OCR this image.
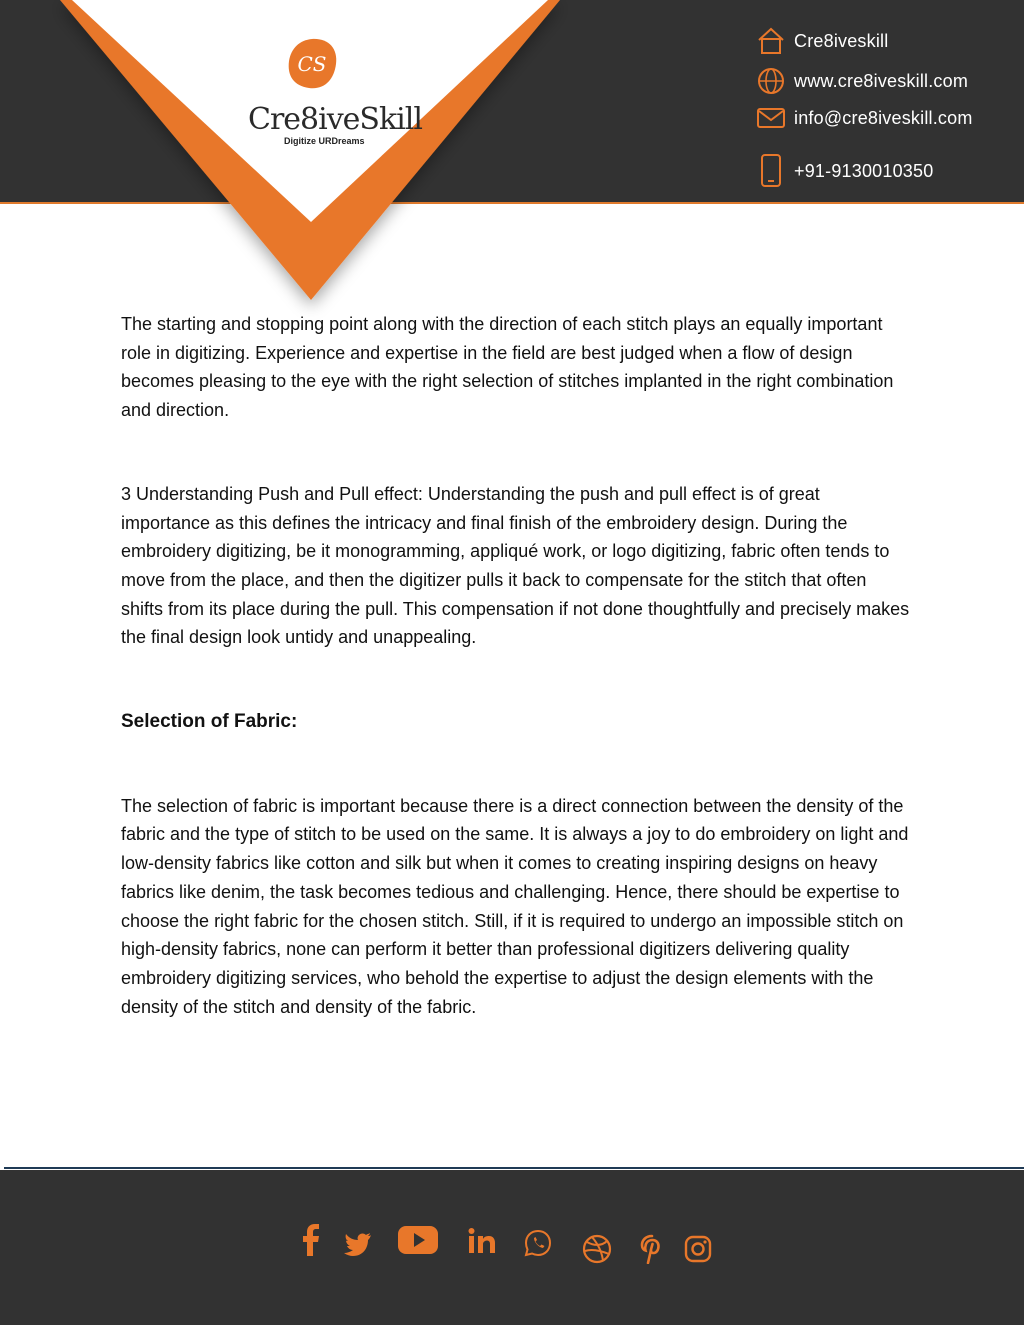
CS
Cre8iveSkill
Digitize URDreams
Cre8iveskill
www.cre8iveskill.com
info@cre8iveskill.com
+91-9130010350

The starting and stopping point along with the direction of each stitch plays an equally important role in digitizing. Experience and expertise in the field are best judged when a flow of design becomes pleasing to the eye with the right selection of stitches implanted in the right combination and direction.

3 Understanding Push and Pull effect: Understanding the push and pull effect is of great importance as this defines the intricacy and final finish of the embroidery design. During the embroidery digitizing, be it monogramming, appliqué work, or logo digitizing, fabric often tends to move from the place, and then the digitizer pulls it back to compensate for the stitch that often shifts from its place during the pull. This compensation if not done thoughtfully and precisely makes the final design look untidy and unappealing.

Selection of Fabric:

The selection of fabric is important because there is a direct connection between the density of the fabric and the type of stitch to be used on the same. It is always a joy to do embroidery on light and low-density fabrics like cotton and silk but when it comes to creating inspiring designs on heavy fabrics like denim, the task becomes tedious and challenging. Hence, there should be expertise to choose the right fabric for the chosen stitch. Still, if it is required to undergo an impossible stitch on high-density fabrics, none can perform it better than professional digitizers delivering quality embroidery digitizing services, who behold the expertise to adjust the design elements with the density of the stitch and density of the fabric.
